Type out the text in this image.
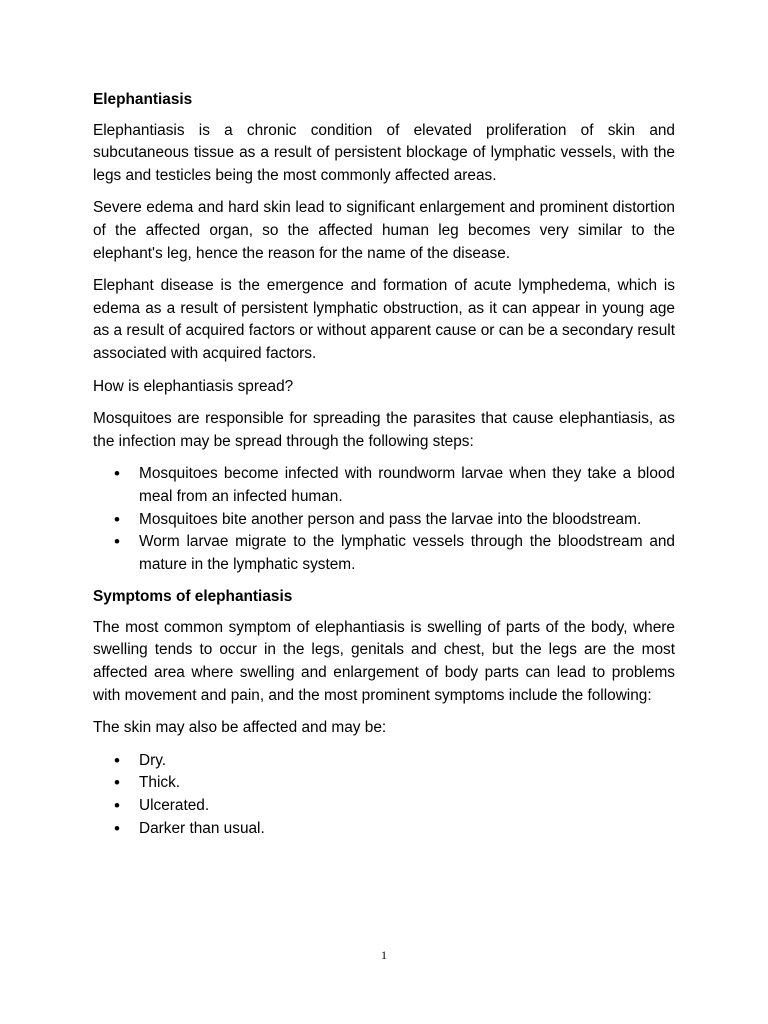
Elephantiasis

Elephantiasis is a chronic condition of elevated proliferation of skin and subcutaneous tissue as a result of persistent blockage of lymphatic vessels, with the legs and testicles being the most commonly affected areas.

Severe edema and hard skin lead to significant enlargement and prominent distortion of the affected organ, so the affected human leg becomes very similar to the elephant's leg, hence the reason for the name of the disease.

Elephant disease is the emergence and formation of acute lymphedema, which is edema as a result of persistent lymphatic obstruction, as it can appear in young age as a result of acquired factors or without apparent cause or can be a secondary result associated with acquired factors.

How is elephantiasis spread?

Mosquitoes are responsible for spreading the parasites that cause elephantiasis, as the infection may be spread through the following steps:

• Mosquitoes become infected with roundworm larvae when they take a blood meal from an infected human.
• Mosquitoes bite another person and pass the larvae into the bloodstream.
• Worm larvae migrate to the lymphatic vessels through the bloodstream and mature in the lymphatic system.
Symptoms of elephantiasis

The most common symptom of elephantiasis is swelling of parts of the body, where swelling tends to occur in the legs, genitals and chest, but the legs are the most affected area where swelling and enlargement of body parts can lead to problems with movement and pain, and the most prominent symptoms include the following:

The skin may also be affected and may be:

• Dry.
• Thick.
• Ulcerated.
• Darker than usual.
1
